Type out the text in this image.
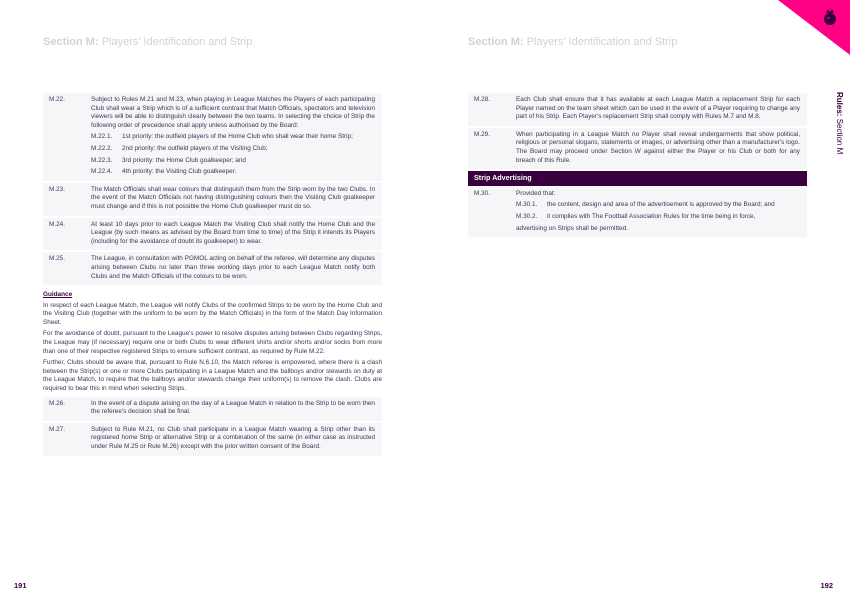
Section M: Players' Identification and Strip	Section M: Players' Identification and Strip
Rules: Section M
M.22.	Subject to Rules M.21 and M.23, when playing in League Matches the Players of each participating Club shall wear a Strip which is of a sufficient contrast that Match Officials, spectators and television viewers will be able to distinguish clearly between the two teams. In selecting the choice of Strip the following order of precedence shall apply unless authorised by the Board:

M.22.1.	1st priority: the outfield players of the Home Club who shall wear their home Strip;
M.22.2.	2nd priority: the outfield players of the Visiting Club;
M.22.3.	3rd priority: the Home Club goalkeeper; and
M.22.4.	4th priority: the Visiting Club goalkeeper.
M.23.	The Match Officials shall wear colours that distinguish them from the Strip worn by the two Clubs. In the event of the Match Officials not having distinguishing colours then the Visiting Club goalkeeper must change and if this is not possible the Home Club goalkeeper must do so.
M.24.	At least 10 days prior to each League Match the Visiting Club shall notify the Home Club and the League (by such means as advised by the Board from time to time) of the Strip it intends its Players (including for the avoidance of doubt its goalkeeper) to wear.
M.25.	The League, in consultation with PGMOL acting on behalf of the referee, will determine any disputes arising between Clubs no later than three working days prior to each League Match notify both Clubs and the Match Officials of the colours to be worn.
Guidance

In respect of each League Match, the League will notify Clubs of the confirmed Strips to be worn by the Home Club and the Visiting Club (together with the uniform to be worn by the Match Officials) in the form of the Match Day Information Sheet.

For the avoidance of doubt, pursuant to the League's power to resolve disputes arising between Clubs regarding Strips, the League may (if necessary) require one or both Clubs to wear different shirts and/or shorts and/or socks from more than one of their respective registered Strips to ensure sufficient contrast, as required by Rule M.22.

Further, Clubs should be aware that, pursuant to Rule N.6.10, the Match referee is empowered, where there is a clash between the Strip(s) or one or more Clubs participating in a League Match and the ballboys and/or stewards on duty at the League Match, to require that the ballboys and/or stewards change their uniform(s) to remove the clash. Clubs are required to bear this in mind when selecting Strips.

M.26.	In the event of a dispute arising on the day of a League Match in relation to the Strip to be worn then the referee's decision shall be final.
M.27.	Subject to Rule M.21, no Club shall participate in a League Match wearing a Strip other than its registered home Strip or alternative Strip or a combination of the same (in either case as instructed under Rule M.25 or Rule M.26) except with the prior written consent of the Board.
M.28.	Each Club shall ensure that it has available at each League Match a replacement Strip for each Player named on the team sheet which can be used in the event of a Player requiring to change any part of his Strip. Each Player's replacement Strip shall comply with Rules M.7 and M.8.
M.29.	When participating in a League Match no Player shall reveal undergarments that show political, religious or personal slogans, statements or images, or advertising other than a manufacturer's logo. The Board may proceed under Section W against either the Player or his Club or both for any breach of this Rule.
Strip Advertising
M.30.	Provided that:

M.30.1.	the content, design and area of the advertisement is approved by the Board; and
M.30.2.	it complies with The Football Association Rules for the time being in force,

advertising on Strips shall be permitted.

191	192
